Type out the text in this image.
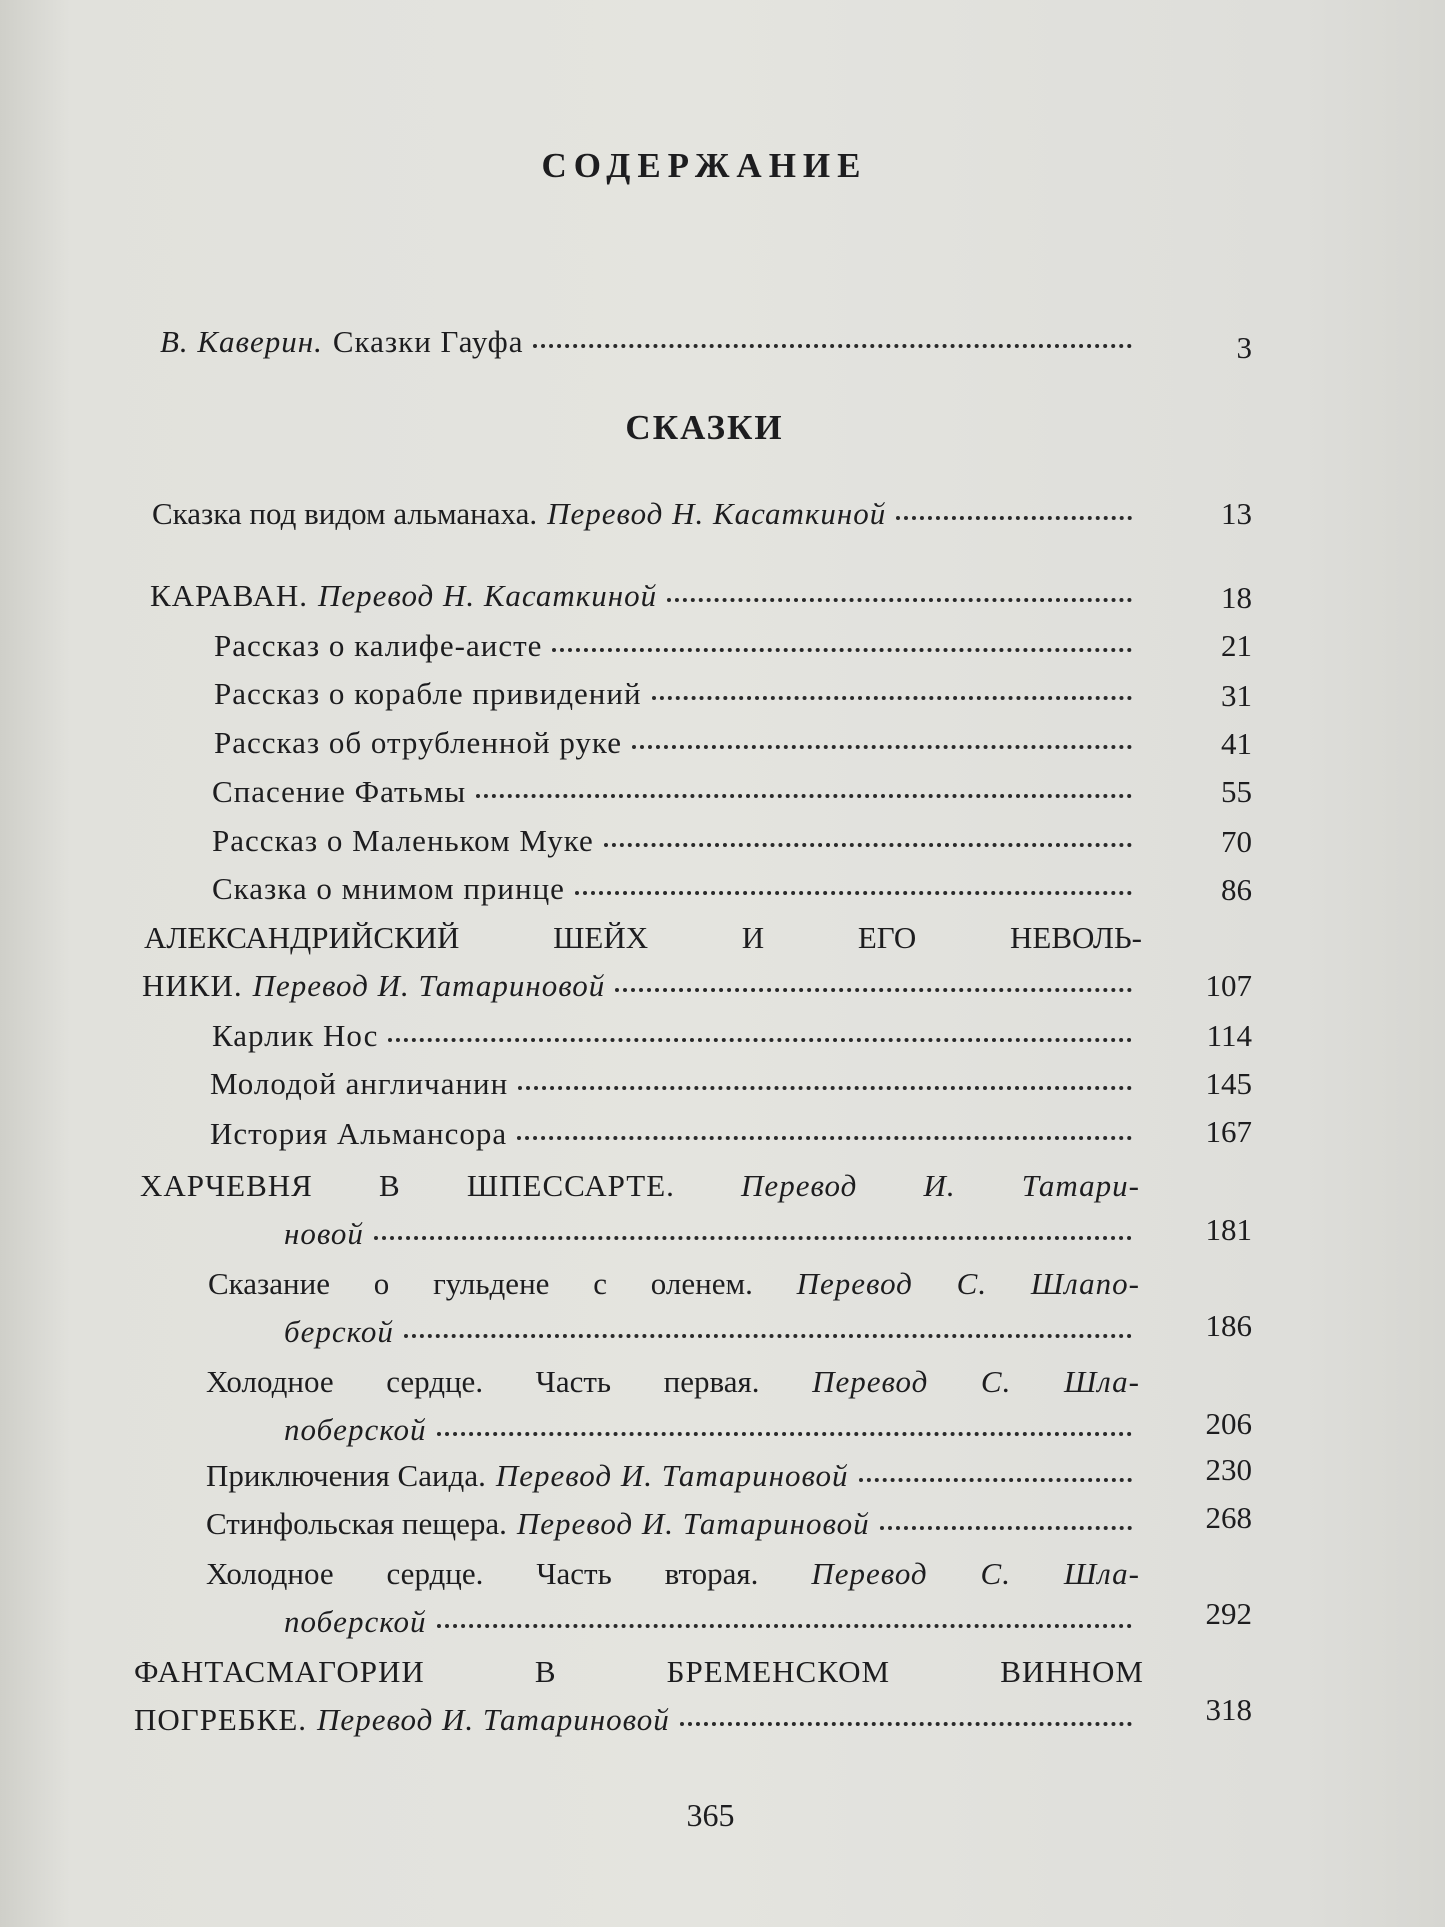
СОДЕРЖАНИЕ
В. Каверин. Сказки Гауфа	3
СКАЗКИ
Сказка под видом альманаха. Перевод Н. Касаткиной	13
КАРАВАН. Перевод Н. Касаткиной	18
Рассказ о калифе-аисте	21
Рассказ о корабле привидений	31
Рассказ об отрубленной руке	41
Спасение Фатьмы	55
Рассказ о Маленьком Муке	70
Сказка о мнимом принце	86
АЛЕКСАНДРИЙСКИЙ	ШЕЙХ	И	ЕГО	НЕВОЛЬ-
НИКИ. Перевод И. Татариновой	107
Карлик Нос	114
Молодой англичанин	145
История Альмансора	167
ХАРЧЕВНЯ В ШПЕССАРТЕ. Перевод И. Татари-
новой	181
Сказание о гульдене с оленем. Перевод С. Шлапо-
берской	186
Холодное сердце. Часть первая. Перевод С. Шла-
поберской	206
Приключения Саида. Перевод И. Татариновой	230
Стинфольская пещера. Перевод И. Татариновой	268
Холодное сердце. Часть вторая. Перевод С. Шла-
поберской	292
ФАНТАСМАГОРИИ	В	БРЕМЕНСКОМ	ВИННОМ
ПОГРЕБКЕ. Перевод И. Татариновой	318
365
